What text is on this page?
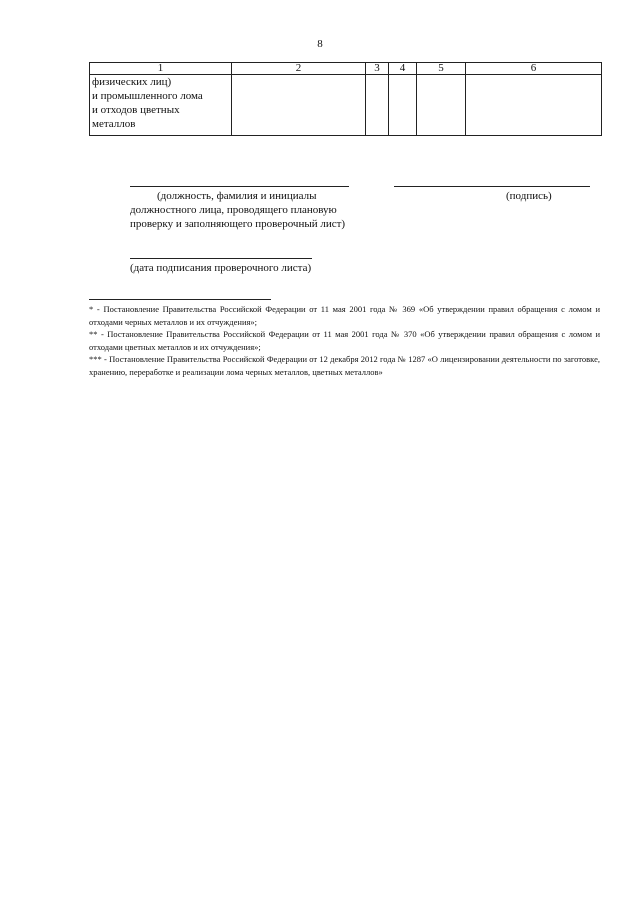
8
1	2	3	4	5	6

физических лиц)
и промышленного лома
и отходов цветных
металлов					

(должность, фамилия и инициалы
должностного лица, проводящего плановую
проверку и заполняющего проверочный лист)
(подпись)
(дата подписания проверочного листа)

* - Постановление Правительства Российской Федерации от 11 мая 2001 года № 369 «Об утверждении правил обращения с ломом и отходами черных металлов и их отчуждения»;

** - Постановление Правительства Российской Федерации от 11 мая 2001 года № 370 «Об утверждении правил обращения с ломом и отходами цветных металлов и их отчуждения»;

*** - Постановление Правительства Российской Федерации от 12 декабря 2012 года № 1287 «О лицензировании деятельности по заготовке, хранению, переработке и реализации лома черных металлов, цветных металлов»
